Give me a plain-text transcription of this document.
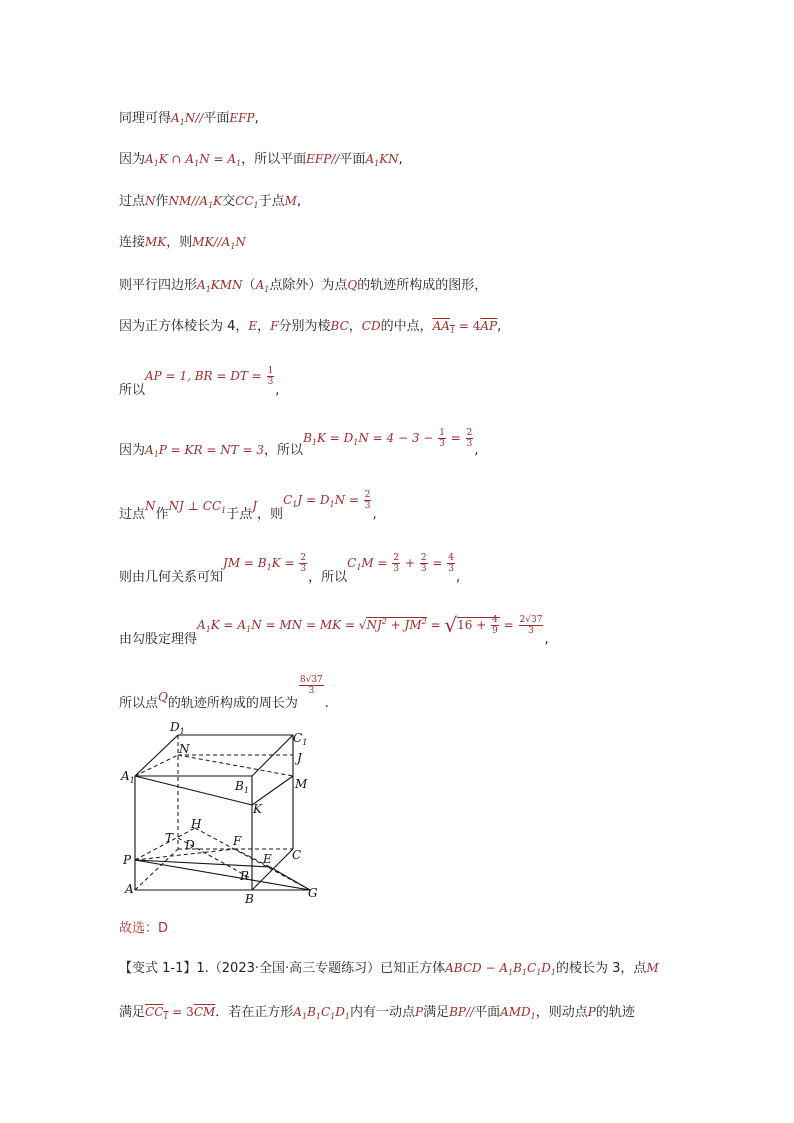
同理可得$A_1N//$平面EFP,
因为$A_1K$ ∩ $A_1N = A_1$，所以平面EFP//平面$A_1KN$,
过点N作$NM//A_1K$交$CC_1$于点M,
连接MK，则$MK//A_1N$
则平行四边形$A_1KMN(A_1$点除外）为点Q的轨迹所构成的图形，
因为正方体棱长为 4，E，F分别为棱BC，CD的中点，$AA_1 = 4\overline{AP}$,
所以AP = 1, BR = DT = $\frac{1}{3}$
,
因为$A_1P$ = KR = NT = 3，所以$B_1K = D_1N = 4 - 3 - \frac{1}{3} = \frac{2}{3}$
,
过点N作NJ ⊥ $CC_1$于点J，则$C_1J = D_1N = \frac{2}{3}$
,
则由几何关系可知JM = $B_1K = \frac{2}{3}$
，所以$C_1M = \frac{2}{3} + \frac{2}{3} = \frac{4}{3}$
,
由勾股定理得$A_1K = A_1N$ = MN = MK = $√NJ^2 + JM^2 = √16 + \frac{4}{9} = \frac{2√37}{3}$
,
所以点Q的轨迹所构成的周长为
$\frac{8√37}{3}$
.
$D_1$	$C_1$
N
J
$A_1$	$B_1$	M
K
H
T D	F
C
P	E
R
A
B	G
故选：D
【变式 1-1】1.（2023·全国·高三专题练习）已知正方体ABCD − $A_1B_1C_1D_1$的棱长为 3，点M
满足$CC_1 = 3\overline{CM}$．若在正方形$A_1B_1C_1D_1$内有一动点P满足BP//平面$AMD_1$，则动点P的轨迹
